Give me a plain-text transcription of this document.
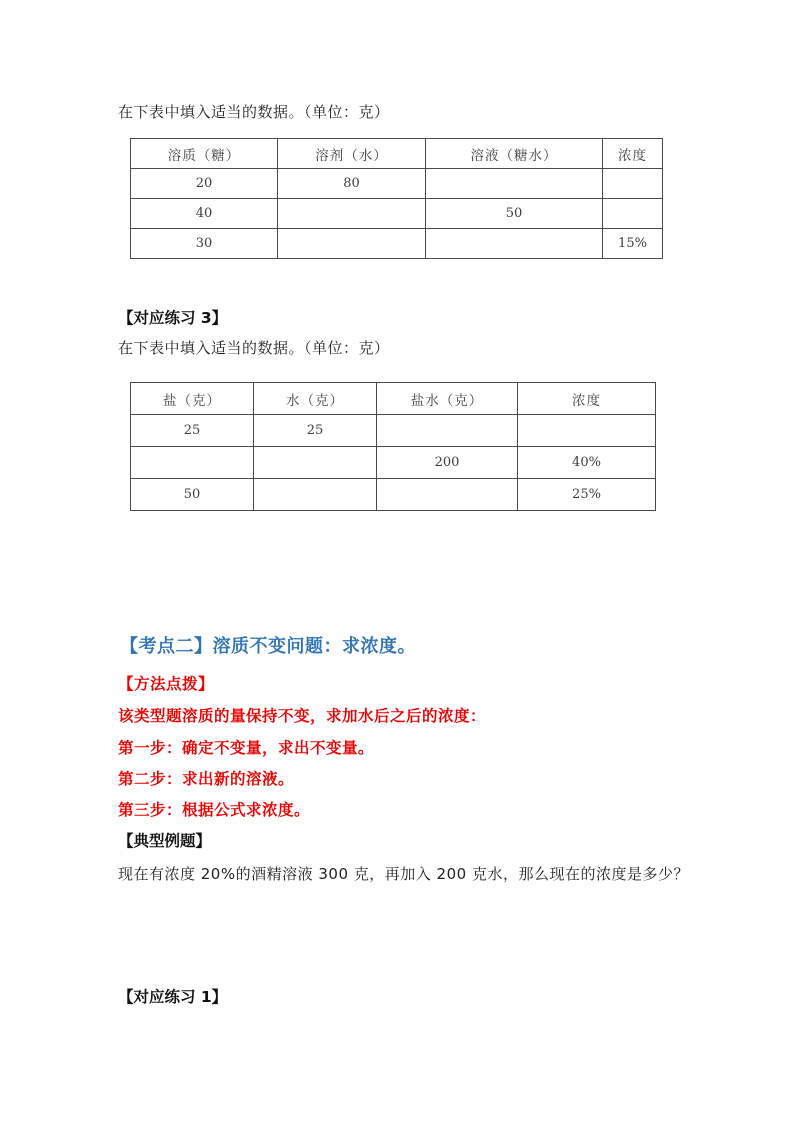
在下表中填入适当的数据。（单位：克）
溶质（糖）	溶剂（水）	溶液（糖水）	浓度
20	80		
40		50	
30			15%
【对应练习 3】
在下表中填入适当的数据。（单位：克）
盐（克）	水（克）	盐水（克）	浓度
25	25		
		200	40%
50			25%
【考点二】溶质不变问题：求浓度。
【方法点拨】
该类型题溶质的量保持不变，求加水后之后的浓度：
第一步：确定不变量，求出不变量。
第二步：求出新的溶液。
第三步：根据公式求浓度。
【典型例题】
现在有浓度 20%的酒精溶液 300 克，再加入 200 克水，那么现在的浓度是多少？
【对应练习 1】
